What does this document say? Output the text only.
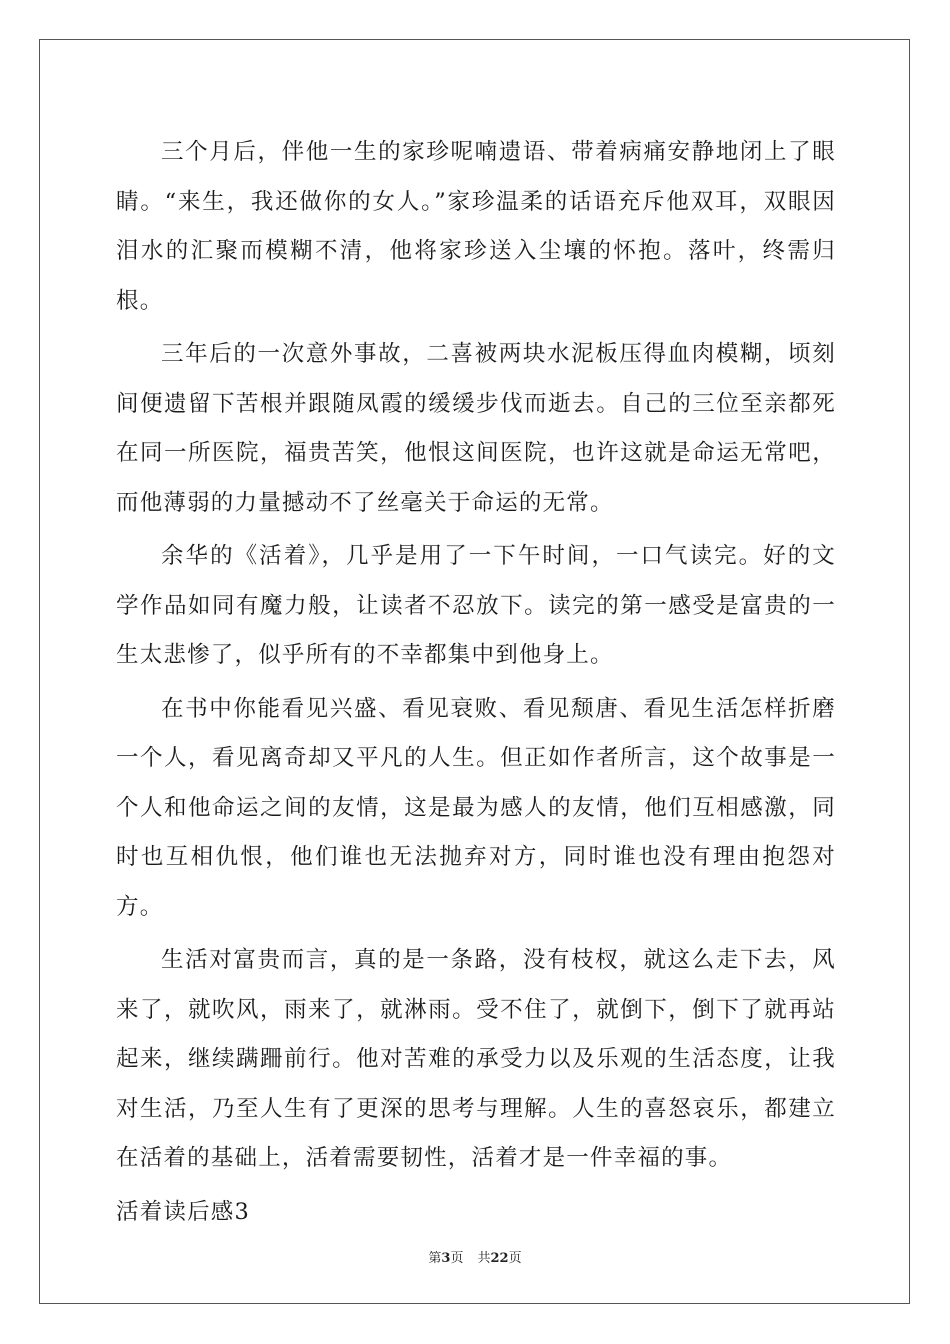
三个月后，伴他一生的家珍呢喃遗语、带着病痛安静地闭上了眼睛。“来生，我还做你的女人。”家珍温柔的话语充斥他双耳，双眼因泪水的汇聚而模糊不清，他将家珍送入尘壤的怀抱。落叶，终需归根。

三年后的一次意外事故，二喜被两块水泥板压得血肉模糊，顷刻间便遗留下苦根并跟随凤霞的缓缓步伐而逝去。自己的三位至亲都死在同一所医院，福贵苦笑，他恨这间医院，也许这就是命运无常吧，而他薄弱的力量撼动不了丝毫关于命运的无常。

余华的《活着》，几乎是用了一下午时间，一口气读完。好的文学作品如同有魔力般，让读者不忍放下。读完的第一感受是富贵的一生太悲惨了，似乎所有的不幸都集中到他身上。

在书中你能看见兴盛、看见衰败、看见颓唐、看见生活怎样折磨一个人，看见离奇却又平凡的人生。但正如作者所言，这个故事是一个人和他命运之间的友情，这是最为感人的友情，他们互相感激，同时也互相仇恨，他们谁也无法抛弃对方，同时谁也没有理由抱怨对方。

生活对富贵而言，真的是一条路，没有枝杈，就这么走下去，风来了，就吹风，雨来了，就淋雨。受不住了，就倒下，倒下了就再站起来，继续蹒跚前行。他对苦难的承受力以及乐观的生活态度，让我对生活，乃至人生有了更深的思考与理解。人生的喜怒哀乐，都建立在活着的基础上，活着需要韧性，活着才是一件幸福的事。

活着读后感3

第3页 共22页
